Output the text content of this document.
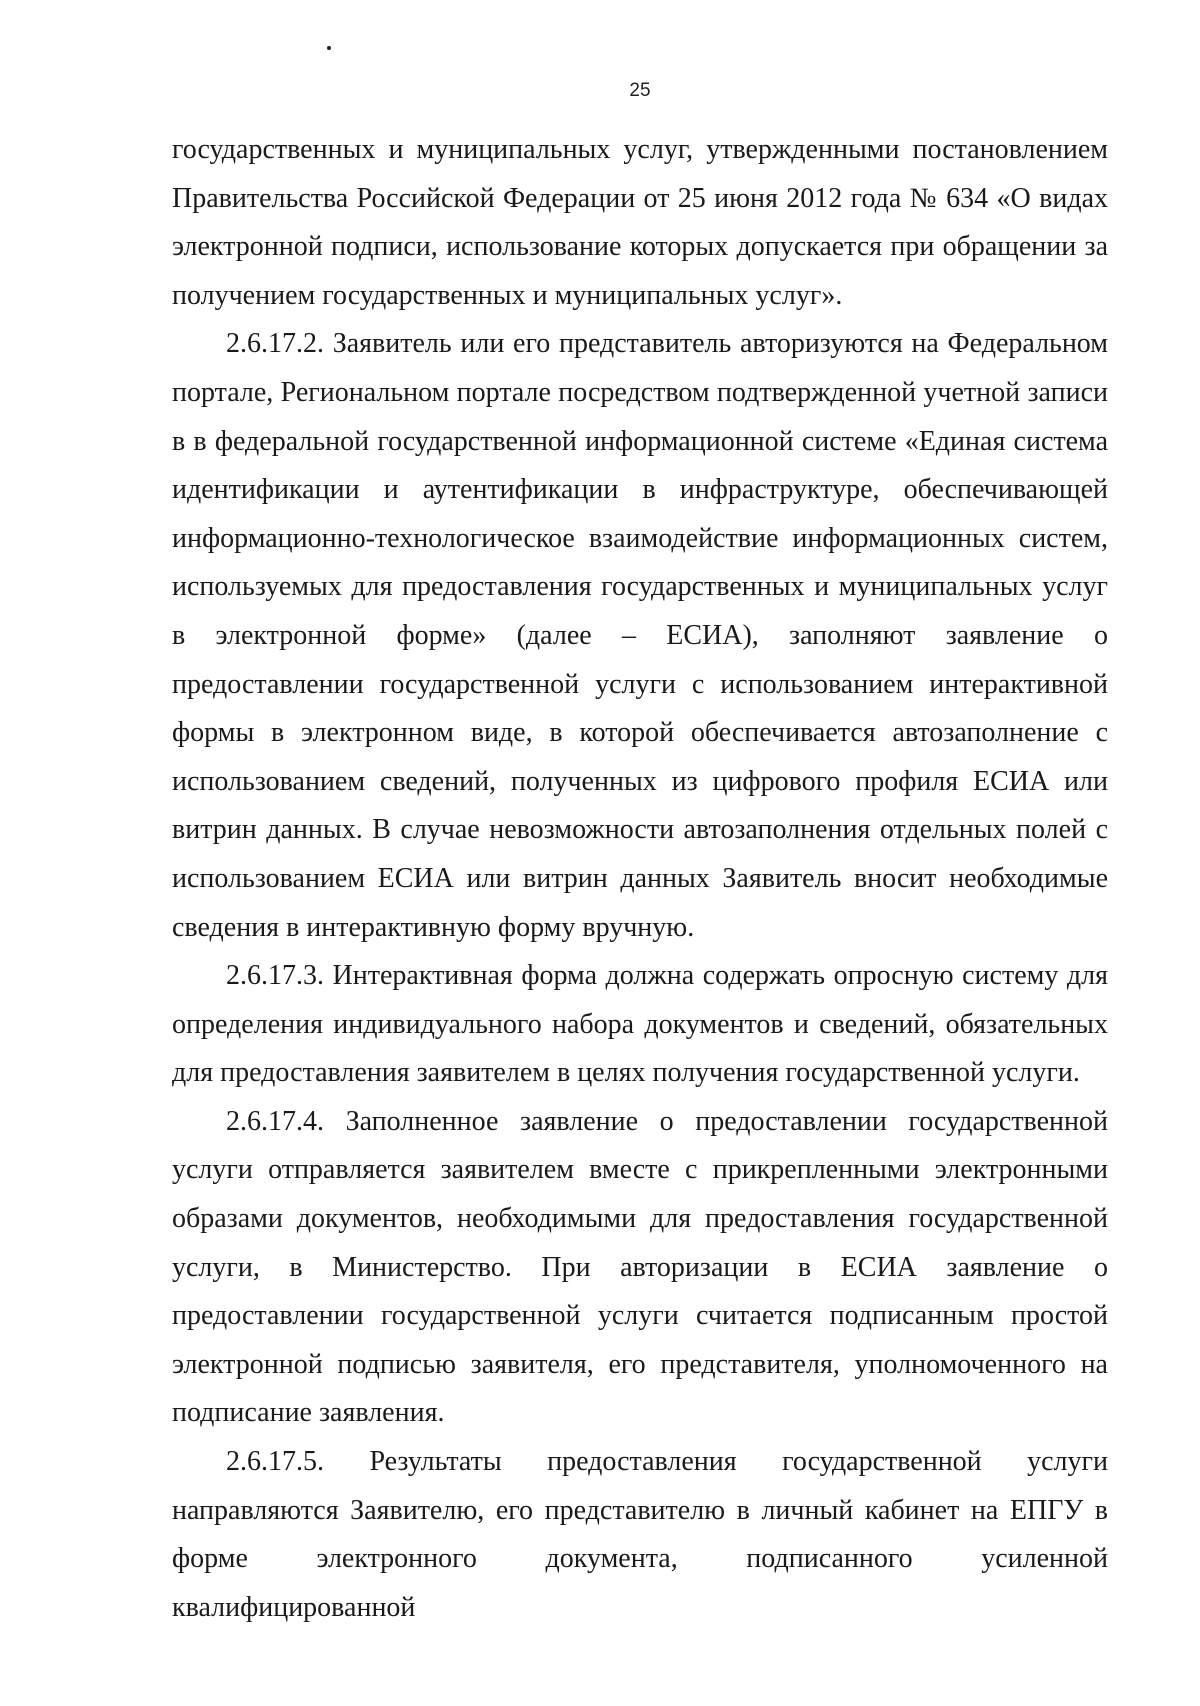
25

государственных и муниципальных услуг, утвержденными постановлением Правительства Российской Федерации от 25 июня 2012 года № 634 «О видах электронной подписи, использование которых допускается при обращении за получением государственных и муниципальных услуг».

2.6.17.2. Заявитель или его представитель авторизуются на Федеральном портале, Региональном портале посредством подтвержденной учетной записи в в федеральной государственной информационной системе «Единая система идентификации и аутентификации в инфраструктуре, обеспечивающей информационно-технологическое взаимодействие информационных систем, используемых для предоставления государственных и муниципальных услуг в электронной форме» (далее – ЕСИА), заполняют заявление о предоставлении государственной услуги с использованием интерактивной формы в электронном виде, в которой обеспечивается автозаполнение с использованием сведений, полученных из цифрового профиля ЕСИА или витрин данных. В случае невозможности автозаполнения отдельных полей с использованием ЕСИА или витрин данных Заявитель вносит необходимые сведения в интерактивную форму вручную.

2.6.17.3. Интерактивная форма должна содержать опросную систему для определения индивидуального набора документов и сведений, обязательных для предоставления заявителем в целях получения государственной услуги.

2.6.17.4. Заполненное заявление о предоставлении государственной услуги отправляется заявителем вместе с прикрепленными электронными образами документов, необходимыми для предоставления государственной услуги, в Министерство. При авторизации в ЕСИА заявление о предоставлении государственной услуги считается подписанным простой электронной подписью заявителя, его представителя, уполномоченного на подписание заявления.

2.6.17.5. Результаты предоставления государственной услуги направляются Заявителю, его представителю в личный кабинет на ЕПГУ в форме электронного документа, подписанного усиленной квалифицированной
